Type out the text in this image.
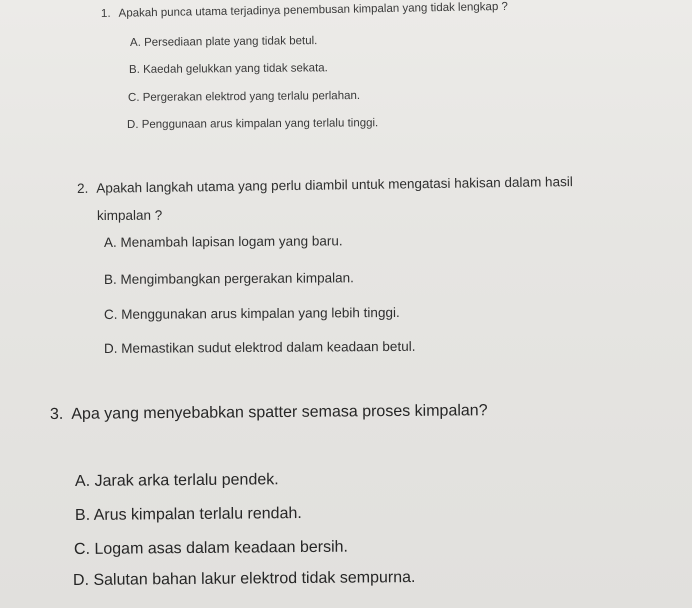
1. Apakah punca utama terjadinya penembusan kimpalan yang tidak lengkap ?
A. Persediaan plate yang tidak betul.
B. Kaedah gelukkan yang tidak sekata.
C. Pergerakan elektrod yang terlalu perlahan.
D. Penggunaan arus kimpalan yang terlalu tinggi.
2. Apakah langkah utama yang perlu diambil untuk mengatasi hakisan dalam hasil
kimpalan ?
A. Menambah lapisan logam yang baru.
B. Mengimbangkan pergerakan kimpalan.
C. Menggunakan arus kimpalan yang lebih tinggi.
D. Memastikan sudut elektrod dalam keadaan betul.
3. Apa yang menyebabkan spatter semasa proses kimpalan?
A. Jarak arka terlalu pendek.
B. Arus kimpalan terlalu rendah.
C. Logam asas dalam keadaan bersih.
D. Salutan bahan lakur elektrod tidak sempurna.
